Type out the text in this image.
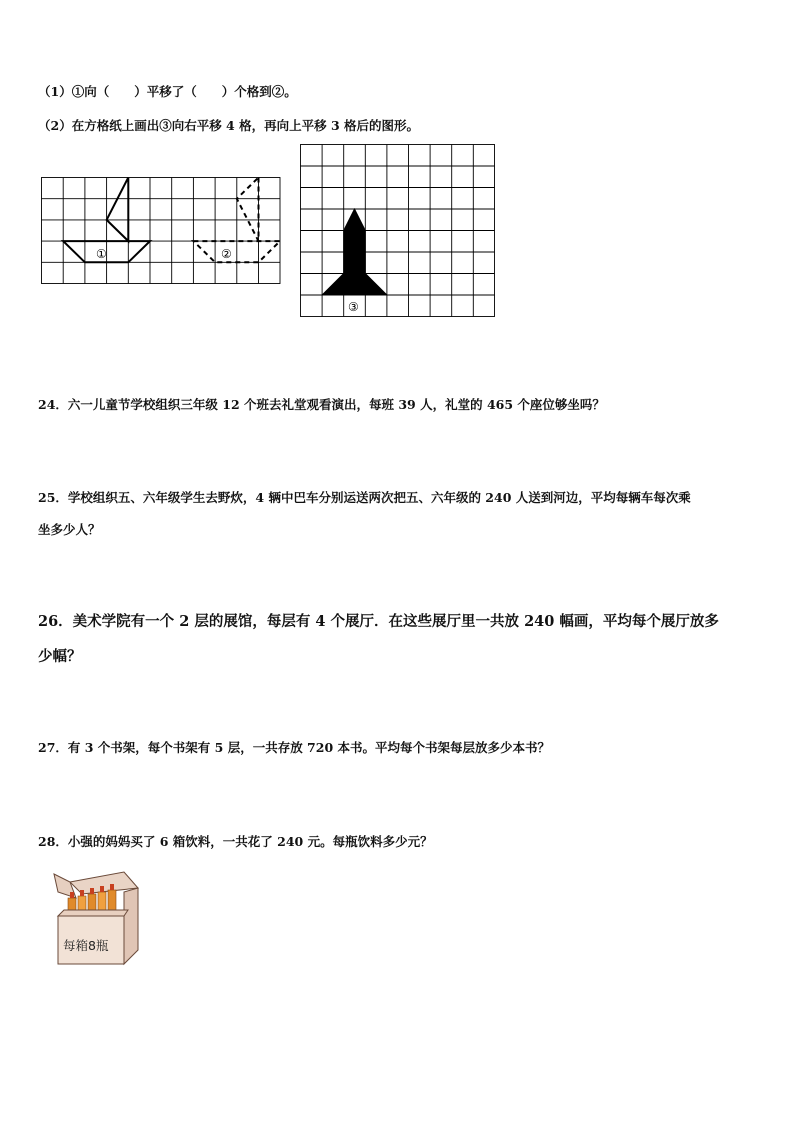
（1）①向（　　）平移了（　　）个格到②。
（2）在方格纸上画出③向右平移 4 格，再向上平移 3 格后的图形。
①	②
③
24．六一儿童节学校组织三年级 12 个班去礼堂观看演出，每班 39 人，礼堂的 465 个座位够坐吗？
25．学校组织五、六年级学生去野炊，4 辆中巴车分别运送两次把五、六年级的 240 人送到河边，平均每辆车每次乘
坐多少人？
26．美术学院有一个 2 层的展馆，每层有 4 个展厅．在这些展厅里一共放 240 幅画，平均每个展厅放多
少幅？
27．有 3 个书架，每个书架有 5 层，一共存放 720 本书。平均每个书架每层放多少本书？
28．小强的妈妈买了 6 箱饮料，一共花了 240 元。每瓶饮料多少元？
每箱8瓶
